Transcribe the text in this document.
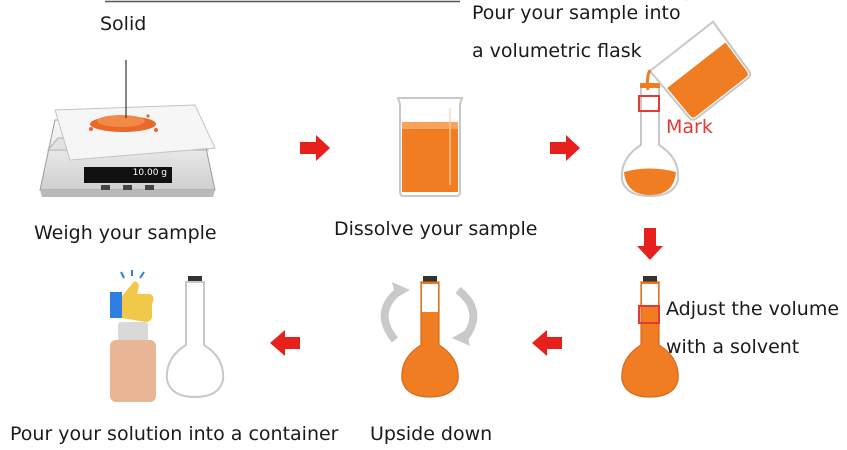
Solid	Pour your sample into
a volumetric flask
Mark
10.00 g
Weigh your sample	Dissolve your sample
Adjust the volume
with a solvent
Upside down
Pour your solution into a container
